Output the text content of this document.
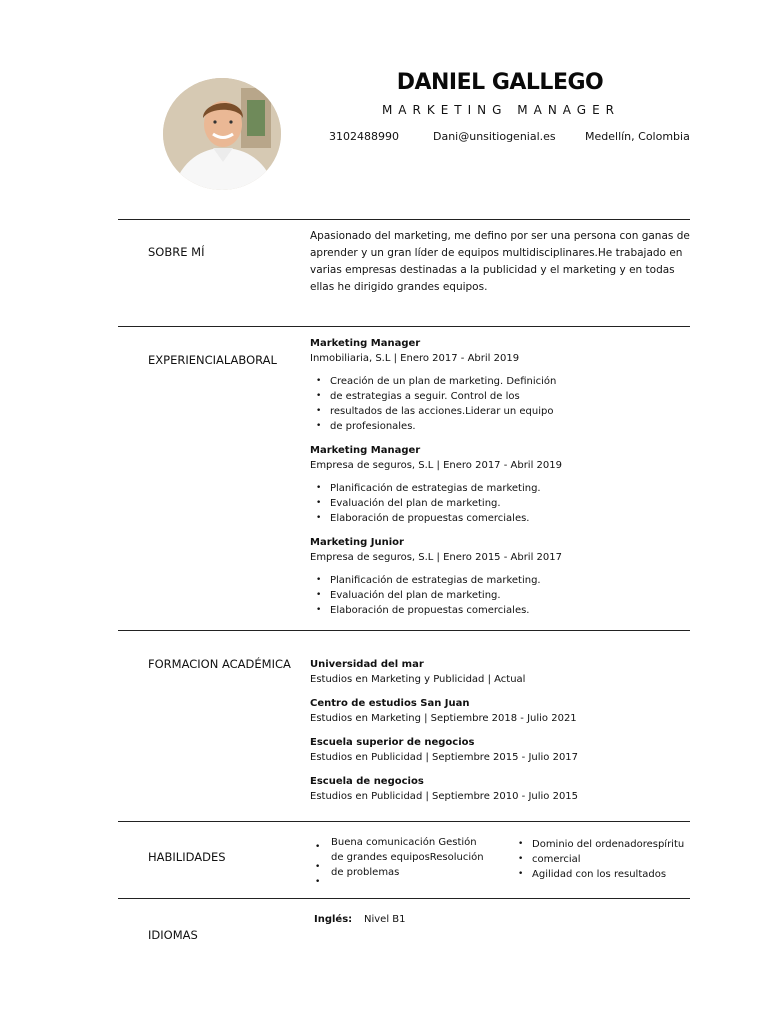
DANIEL GALLEGO
MARKETING MANAGER
3102488990	Dani@unsitiogenial.es	Medellín, Colombia
SOBRE MÍ
Apasionado del marketing, me defino por ser una persona con ganas de aprender y un gran líder de equipos multidisciplinares.He trabajado en varias empresas destinadas a la publicidad y el marketing y en todas ellas he dirigido grandes equipos.
EXPERIENCIALABORAL
Marketing Manager
Inmobiliaria, S.L | Enero 2017 - Abril 2019
• Creación de un plan de marketing. Definición
• de estrategias a seguir. Control de los
• resultados de las acciones.Liderar un equipo
• de profesionales.
Marketing Manager
Empresa de seguros, S.L | Enero 2017 - Abril 2019
• Planificación de estrategias de marketing.
• Evaluación del plan de marketing.
• Elaboración de propuestas comerciales.
Marketing Junior
Empresa de seguros, S.L | Enero 2015 - Abril 2017
• Planificación de estrategias de marketing.
• Evaluación del plan de marketing.
• Elaboración de propuestas comerciales.
FORMACION ACADÉMICA Universidad del mar
Estudios en Marketing y Publicidad | Actual
Centro de estudios San Juan
Estudios en Marketing | Septiembre 2018 - Julio 2021
Escuela superior de negocios
Estudios en Publicidad | Septiembre 2015 - Julio 2017
Escuela de negocios
Estudios en Publicidad | Septiembre 2010 - Julio 2015
HABILIDADES
•
•
•
Buena comunicación Gestión
de grandes equiposResolución
de problemas
• Dominio del ordenadorespíritu
• comercial
• Agilidad con los resultados
IDIOMAS
Inglés: Nivel B1
